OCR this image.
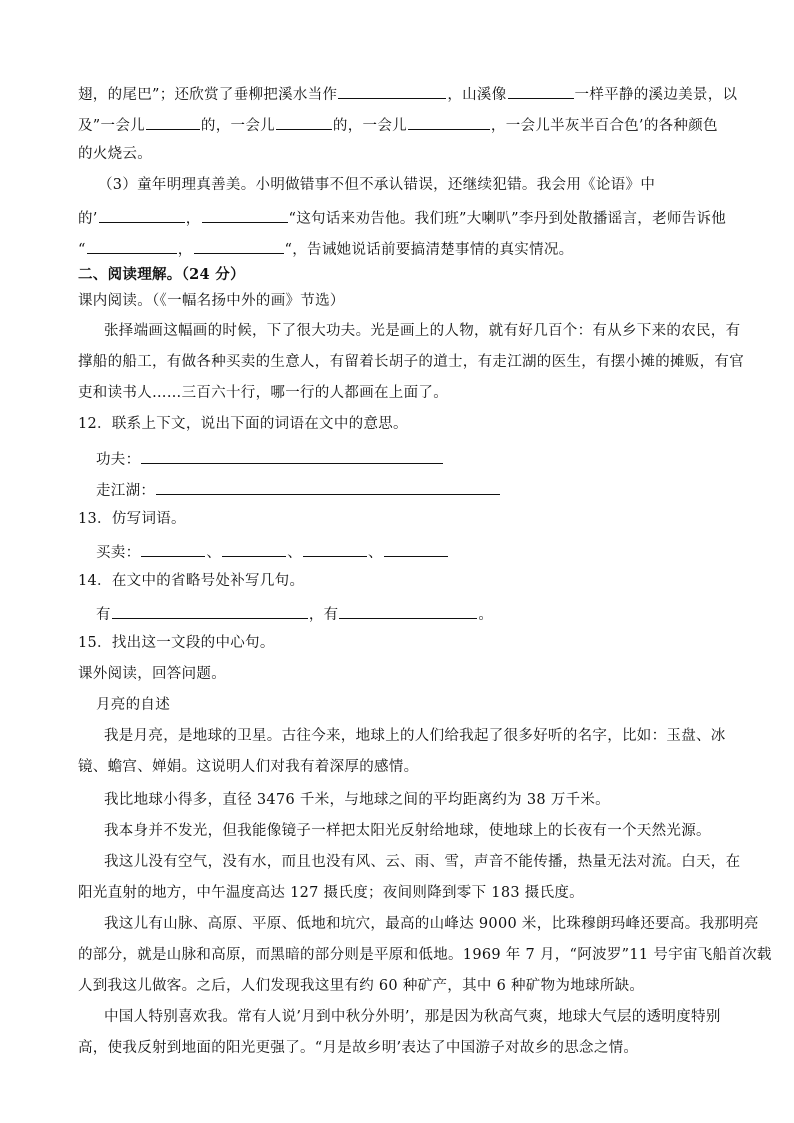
翅，的尾巴”；还欣赏了垂柳把溪水当作	，山溪像	一样平静的溪边美景，以
及”一会儿	的，一会儿	的，一会儿	，一会儿半灰半百合色’的各种颜色
的火烧云。
（3）童年明理真善美。小明做错事不但不承认错误，还继续犯错。我会用《论语》中
的’	，	“这句话来劝告他。我们班”大喇叭”李丹到处散播谣言，老师告诉他
“	，	“，告诫她说话前要搞清楚事情的真实情况。
二、阅读理解。（24 分）
课内阅读。（《一幅名扬中外的画》节选）
张择端画这幅画的时候，下了很大功夫。光是画上的人物，就有好几百个：有从乡下来的农民，有
撑船的船工，有做各种买卖的生意人，有留着长胡子的道士，有走江湖的医生，有摆小摊的摊贩，有官
吏和读书人……三百六十行，哪一行的人都画在上面了。
12．联系上下文，说出下面的词语在文中的意思。
功夫：
走江湖：
13．仿写词语。
买卖：	、	、	、
14．在文中的省略号处补写几句。
有	，有	。
15．找出这一文段的中心句。
课外阅读，回答问题。
月亮的自述
我是月亮，是地球的卫星。古往今来，地球上的人们给我起了很多好听的名字，比如：玉盘、冰
镜、蟾宫、婵娟。这说明人们对我有着深厚的感情。
我比地球小得多，直径 3476 千米，与地球之间的平均距离约为 38 万千米。
我本身并不发光，但我能像镜子一样把太阳光反射给地球，使地球上的长夜有一个天然光源。
我这儿没有空气，没有水，而且也没有风、云、雨、雪，声音不能传播，热量无法对流。白天，在
阳光直射的地方，中午温度高达 127 摄氏度；夜间则降到零下 183 摄氏度。
我这儿有山脉、高原、平原、低地和坑穴，最高的山峰达 9000 米，比珠穆朗玛峰还要高。我那明亮
的部分，就是山脉和高原，而黑暗的部分则是平原和低地。1969 年 7 月，“阿波罗”11 号宇宙飞船首次载
人到我这儿做客。之后，人们发现我这里有约 60 种矿产，其中 6 种矿物为地球所缺。
中国人特别喜欢我。常有人说’月到中秋分外明’，那是因为秋高气爽，地球大气层的透明度特别
高，使我反射到地面的阳光更强了。“月是故乡明’表达了中国游子对故乡的思念之情。
